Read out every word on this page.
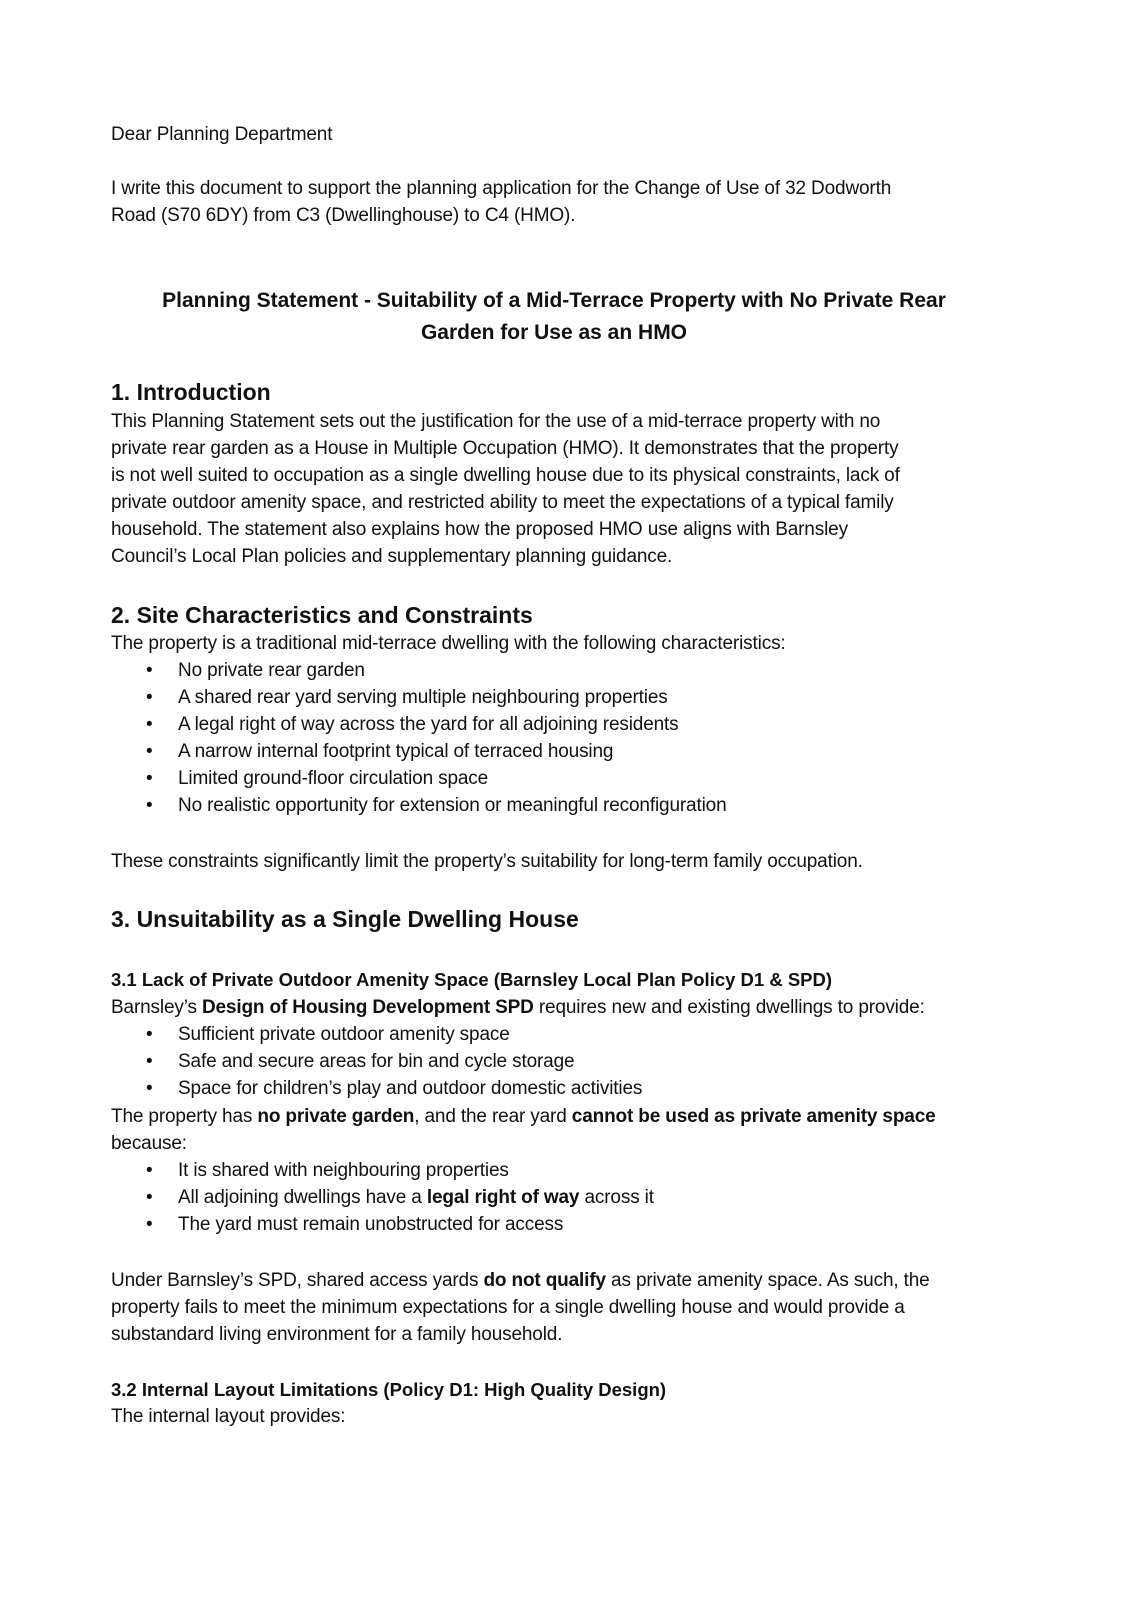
Dear Planning Department
I write this document to support the planning application for the Change of Use of 32 Dodworth
Road (S70 6DY) from C3 (Dwellinghouse) to C4 (HMO).
Planning Statement - Suitability of a Mid-Terrace Property with No Private Rear
Garden for Use as an HMO
1. Introduction
This Planning Statement sets out the justification for the use of a mid-terrace property with no
private rear garden as a House in Multiple Occupation (HMO). It demonstrates that the property
is not well suited to occupation as a single dwelling house due to its physical constraints, lack of
private outdoor amenity space, and restricted ability to meet the expectations of a typical family
household. The statement also explains how the proposed HMO use aligns with Barnsley
Council’s Local Plan policies and supplementary planning guidance.
2. Site Characteristics and Constraints
The property is a traditional mid-terrace dwelling with the following characteristics:
• No private rear garden
• A shared rear yard serving multiple neighbouring properties
• A legal right of way across the yard for all adjoining residents
• A narrow internal footprint typical of terraced housing
• Limited ground-floor circulation space
• No realistic opportunity for extension or meaningful reconfiguration
These constraints significantly limit the property’s suitability for long-term family occupation.
3. Unsuitability as a Single Dwelling House
3.1 Lack of Private Outdoor Amenity Space (Barnsley Local Plan Policy D1 & SPD)
Barnsley’s Design of Housing Development SPD requires new and existing dwellings to provide:
• Sufficient private outdoor amenity space
• Safe and secure areas for bin and cycle storage
• Space for children’s play and outdoor domestic activities
The property has no private garden, and the rear yard cannot be used as private amenity space
because:
• It is shared with neighbouring properties
• All adjoining dwellings have a legal right of way across it
• The yard must remain unobstructed for access
Under Barnsley’s SPD, shared access yards do not qualify as private amenity space. As such, the
property fails to meet the minimum expectations for a single dwelling house and would provide a
substandard living environment for a family household.
3.2 Internal Layout Limitations (Policy D1: High Quality Design)
The internal layout provides:
